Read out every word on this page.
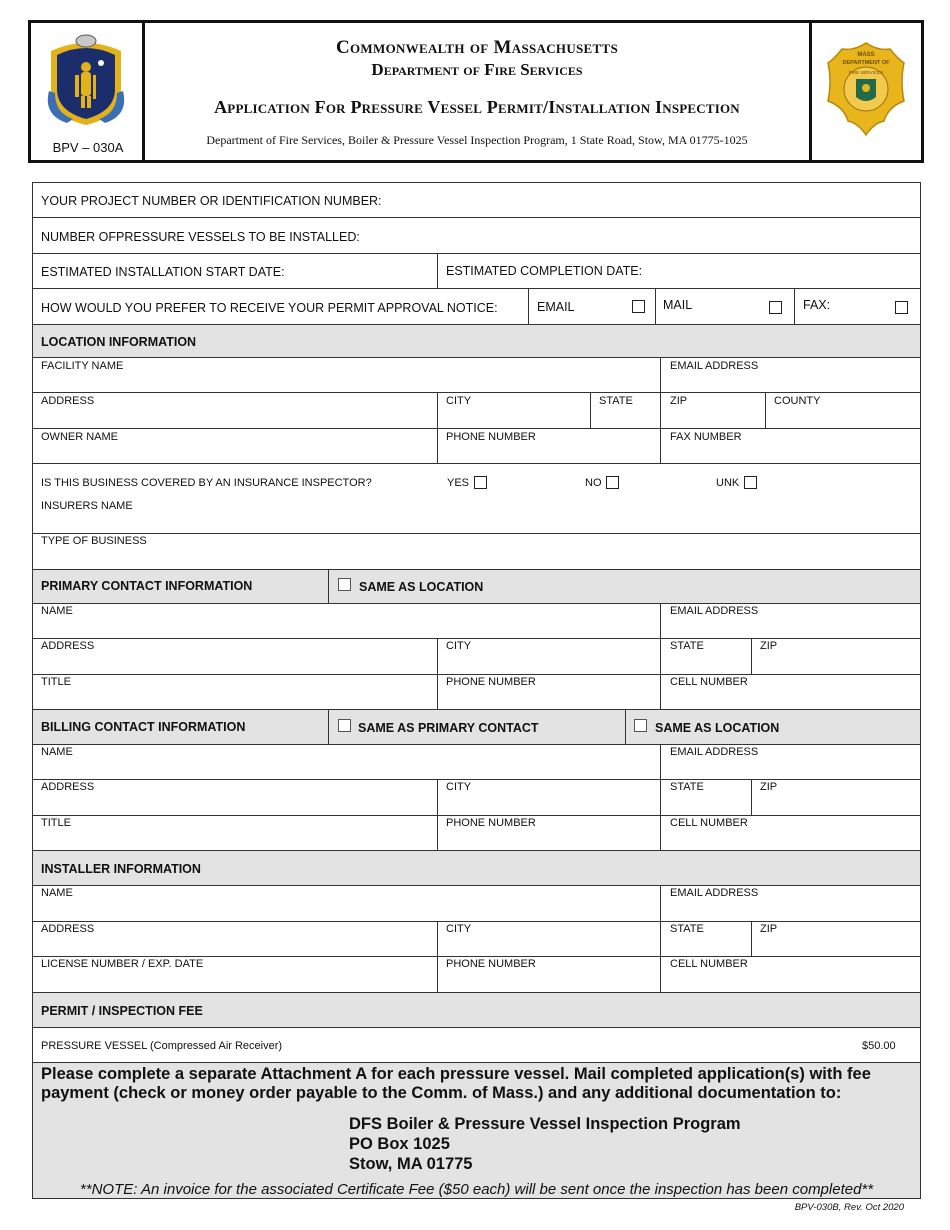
BPV – 030A
Commonwealth of Massachusetts
Department of Fire Services
Application For Pressure Vessel Permit/Installation Inspection
Department of Fire Services, Boiler & Pressure Vessel Inspection Program, 1 State Road, Stow, MA 01775-1025
MASS
DEPARTMENT OF
FIRE SERVICES
YOUR PROJECT NUMBER OR IDENTIFICATION NUMBER:
NUMBER OFPRESSURE VESSELS TO BE INSTALLED:
ESTIMATED INSTALLATION START DATE:	ESTIMATED COMPLETION DATE:
HOW WOULD YOU PREFER TO RECEIVE YOUR PERMIT APPROVAL NOTICE:	EMAIL	MAIL	FAX:
LOCATION INFORMATION
FACILITY NAME	EMAIL ADDRESS
ADDRESS	CITY	STATE	ZIP	COUNTY
OWNER NAME	PHONE NUMBER	FAX NUMBER
IS THIS BUSINESS COVERED BY AN INSURANCE INSPECTOR?	YES	NO	UNK
INSURERS NAME
TYPE OF BUSINESS
PRIMARY CONTACT INFORMATION	SAME AS LOCATION
NAME	EMAIL ADDRESS
ADDRESS	CITY	STATE	ZIP
TITLE	PHONE NUMBER	CELL NUMBER
BILLING CONTACT INFORMATION	SAME AS PRIMARY CONTACT	SAME AS LOCATION
NAME	EMAIL ADDRESS
ADDRESS	CITY	STATE	ZIP
TITLE	PHONE NUMBER	CELL NUMBER
INSTALLER INFORMATION
NAME	EMAIL ADDRESS
ADDRESS	CITY	STATE	ZIP
LICENSE NUMBER / EXP. DATE	PHONE NUMBER	CELL NUMBER
PERMIT / INSPECTION FEE
PRESSURE VESSEL (Compressed Air Receiver)	$50.00
Please complete a separate Attachment A for each pressure vessel. Mail completed application(s) with fee payment (check or money order payable to the Comm. of Mass.) and any additional documentation to:
DFS Boiler & Pressure Vessel Inspection Program
PO Box 1025
Stow, MA 01775
**NOTE: An invoice for the associated Certificate Fee ($50 each) will be sent once the inspection has been completed**
BPV-030B, Rev. Oct 2020
